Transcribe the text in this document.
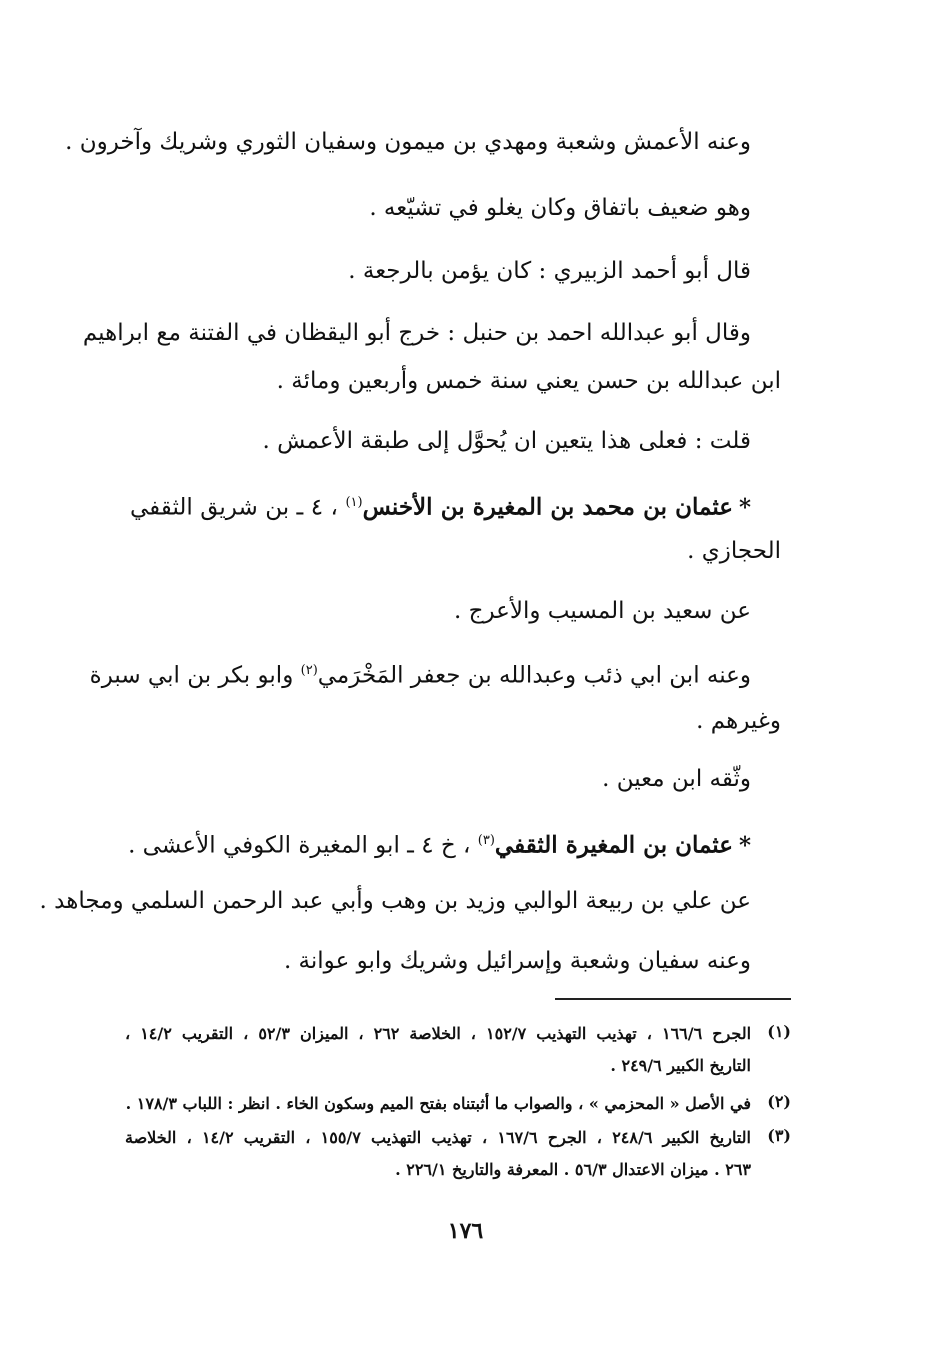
وعنه الأعمش وشعبة ومهدي بن ميمون وسفيان الثوري وشريك وآخرون .
وهو ضعيف باتفاق وكان يغلو في تشيّعه .
قال أبو أحمد الزبيري : كان يؤمن بالرجعة .
وقال أبو عبدالله احمد بن حنبل : خرج أبو اليقظان في الفتنة مع ابراهيم
ابن عبدالله بن حسن يعني سنة خمس وأربعين ومائة .
قلت : فعلى هذا يتعين ان يُحوَّل إلى طبقة الأعمش .
*عثمان بن محمد بن المغيرة بن الأخنس$^{(١)}$ ، ٤ ـ بن شريق الثقفي
الحجازي .
عن سعيد بن المسيب والأعرج .
وعنه ابن ابي ذئب وعبدالله بن جعفر المَخْرَمي$^{(٢)}$ وابو بكر بن ابي سبرة
وغيرهم .
وثّقه ابن معين .
*عثمان بن المغيرة الثقفي$^{(٣)}$ ، خ ٤ ـ ابو المغيرة الكوفي الأعشى .
عن علي بن ربيعة الوالبي وزيد بن وهب وأبي عبد الرحمن السلمي ومجاهد .
وعنه سفيان وشعبة وإسرائيل وشريك وابو عوانة .
(١)
الجرح ١٦٦/٦ ، تهذيب التهذيب ١٥٢/٧ ، الخلاصة ٢٦٢ ، الميزان ٥٢/٣ ، التقريب ١٤/٢ ،
التاريخ الكبير ٢٤٩/٦ .
(٢)
في الأصل « المحزمي » ، والصواب ما أثبتناه بفتح الميم وسكون الخاء . انظر : اللباب ١٧٨/٣ .
(٣)
التاريخ الكبير ٢٤٨/٦ ، الجرح ١٦٧/٦ ، تهذيب التهذيب ١٥٥/٧ ، التقريب ١٤/٢ ، الخلاصة
٢٦٣ . ميزان الاعتدال ٥٦/٣ . المعرفة والتاريخ ٢٢٦/١ .
١٧٦
